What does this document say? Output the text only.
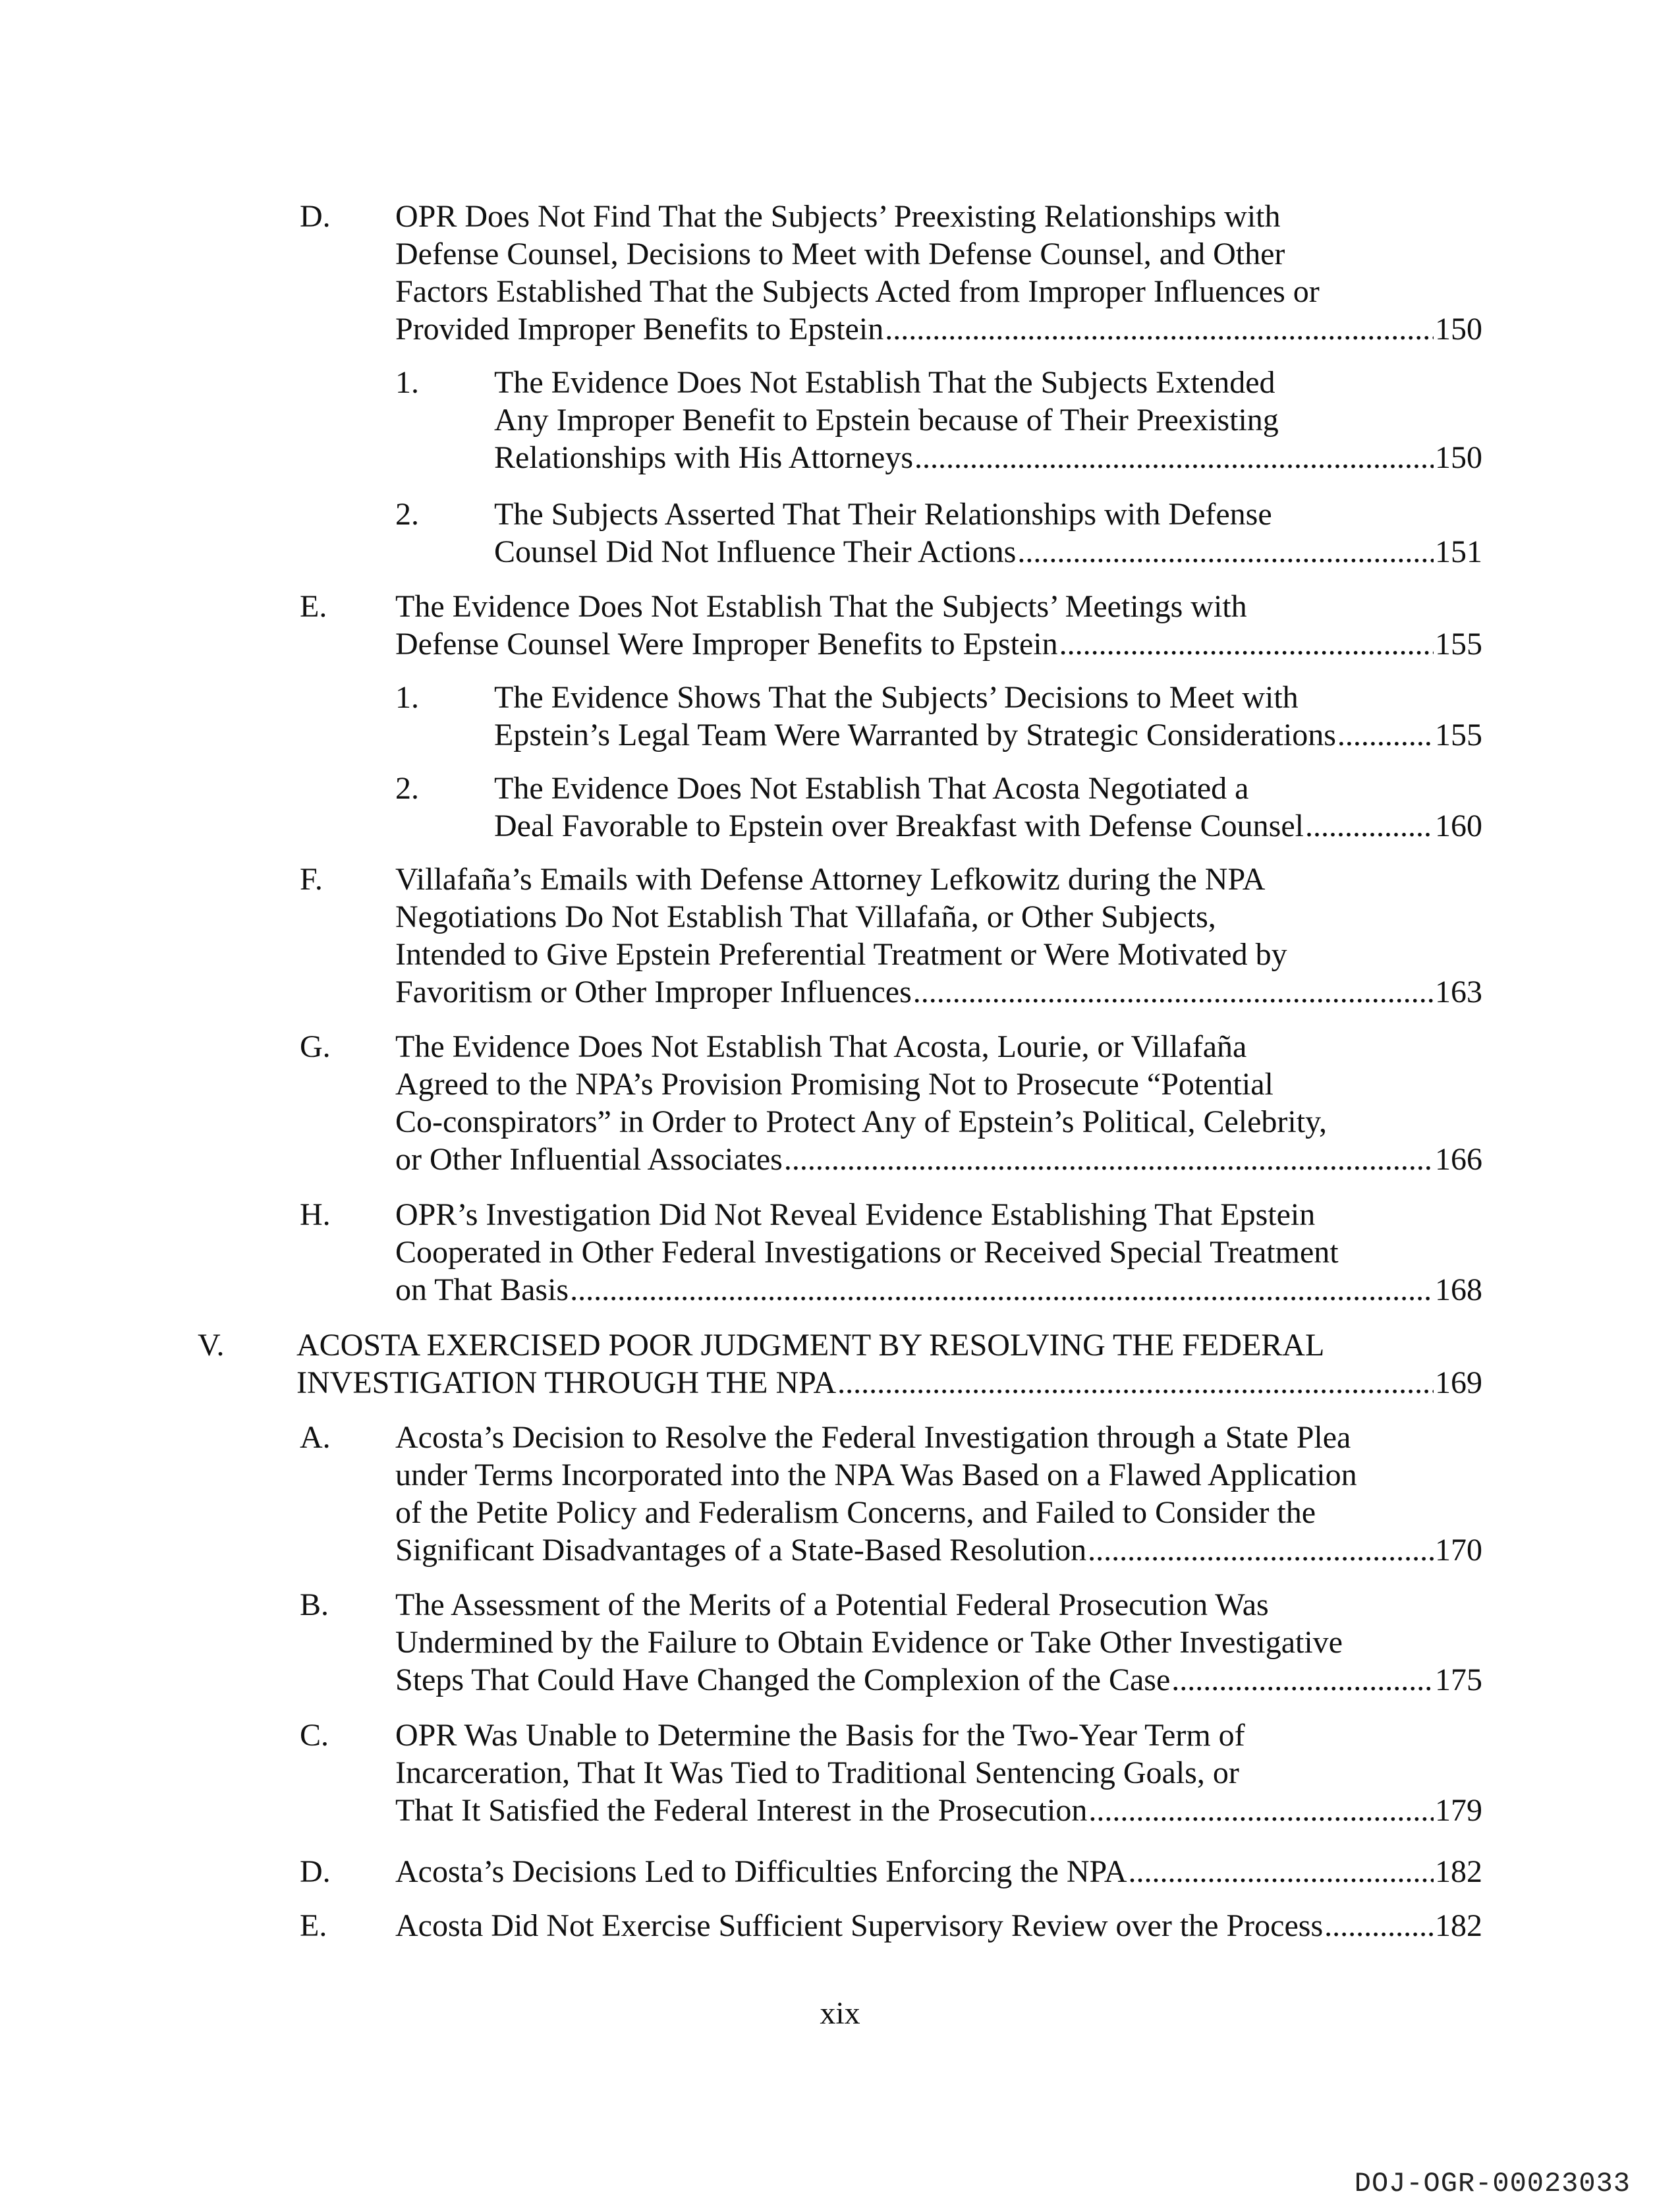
D. OPR Does Not Find That the Subjects’ Preexisting Relationships with
Defense Counsel, Decisions to Meet with Defense Counsel, and Other
Factors Established That the Subjects Acted from Improper Influences or
Provided Improper Benefits to Epstein . . .	150
1. The Evidence Does Not Establish That the Subjects Extended
Any Improper Benefit to Epstein because of Their Preexisting
Relationships with His Attorneys . . .	150
2. The Subjects Asserted That Their Relationships with Defense
Counsel Did Not Influence Their Actions . . .	151
E. The Evidence Does Not Establish That the Subjects’ Meetings with
Defense Counsel Were Improper Benefits to Epstein . . .	155
1. The Evidence Shows That the Subjects’ Decisions to Meet with
Epstein’s Legal Team Were Warranted by Strategic Considerations . . .	155
2. The Evidence Does Not Establish That Acosta Negotiated a
Deal Favorable to Epstein over Breakfast with Defense Counsel . . .	160
F. Villafaña’s Emails with Defense Attorney Lefkowitz during the NPA
Negotiations Do Not Establish That Villafaña, or Other Subjects,
Intended to Give Epstein Preferential Treatment or Were Motivated by
Favoritism or Other Improper Influences . . .	163
G. The Evidence Does Not Establish That Acosta, Lourie, or Villafaña
Agreed to the NPA’s Provision Promising Not to Prosecute “Potential
Co-conspirators” in Order to Protect Any of Epstein’s Political, Celebrity,
or Other Influential Associates . . .	166
H. OPR’s Investigation Did Not Reveal Evidence Establishing That Epstein
Cooperated in Other Federal Investigations or Received Special Treatment
on That Basis . . .	168
V. ACOSTA EXERCISED POOR JUDGMENT BY RESOLVING THE FEDERAL
INVESTIGATION THROUGH THE NPA . . .	169
A. Acosta’s Decision to Resolve the Federal Investigation through a State Plea
under Terms Incorporated into the NPA Was Based on a Flawed Application
of the Petite Policy and Federalism Concerns, and Failed to Consider the
Significant Disadvantages of a State-Based Resolution . . .	170
B. The Assessment of the Merits of a Potential Federal Prosecution Was
Undermined by the Failure to Obtain Evidence or Take Other Investigative
Steps That Could Have Changed the Complexion of the Case . . .	175
C. OPR Was Unable to Determine the Basis for the Two-Year Term of
Incarceration, That It Was Tied to Traditional Sentencing Goals, or
That It Satisfied the Federal Interest in the Prosecution . . .	179
D. Acosta’s Decisions Led to Difficulties Enforcing the NPA . . .	182
E. Acosta Did Not Exercise Sufficient Supervisory Review over the Process . . .	182
xix
DOJ-OGR-00023033
